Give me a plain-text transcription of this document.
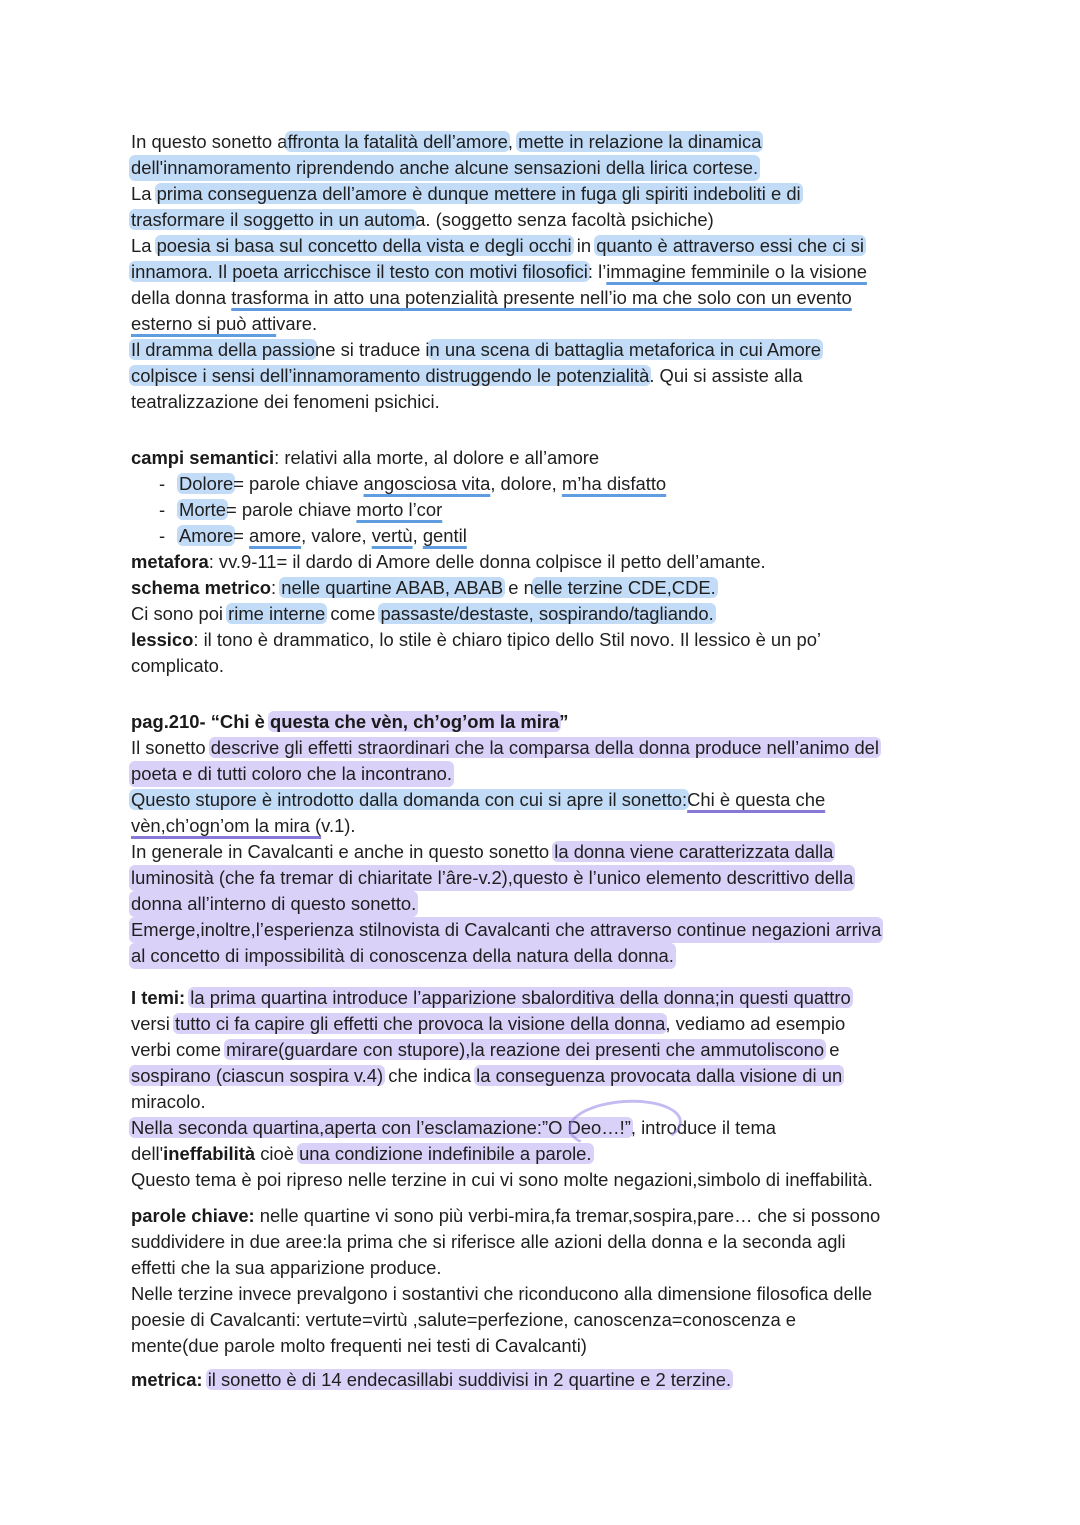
In questo sonetto affronta la fatalità dell’amore, mette in relazione la dinamica
dell'innamoramento riprendendo anche alcune sensazioni della lirica cortese.
La prima conseguenza dell’amore è dunque mettere in fuga gli spiriti indeboliti e di
trasformare il soggetto in un automa. (soggetto senza facoltà psichiche)
La poesia si basa sul concetto della vista e degli occhi in quanto è attraverso essi che ci si
innamora. Il poeta arricchisce il testo con motivi filosofici: l’immagine femminile o la visione
della donna trasforma in atto una potenzialità presente nell’io ma che solo con un evento
esterno si può attivare.
Il dramma della passione si traduce in una scena di battaglia metaforica in cui Amore
colpisce i sensi dell’innamoramento distruggendo le potenzialità. Qui si assiste alla
teatralizzazione dei fenomeni psichici.
campi semantici: relativi alla morte, al dolore e all’amore
- Dolore= parole chiave angosciosa vita, dolore, m’ha disfatto
- Morte= parole chiave morto l’cor
- Amore= amore, valore, vertù, gentil
metafora: vv.9-11= il dardo di Amore delle donna colpisce il petto dell’amante.
schema metrico: nelle quartine ABAB, ABAB e nelle terzine CDE,CDE.
Ci sono poi rime interne come passaste/destaste, sospirando/tagliando.
lessico: il tono è drammatico, lo stile è chiaro tipico dello Stil novo. Il lessico è un po’
complicato.
pag.210- “Chi è questa che vèn, ch’og’om la mira”
Il sonetto descrive gli effetti straordinari che la comparsa della donna produce nell’animo del
poeta e di tutti coloro che la incontrano.
Questo stupore è introdotto dalla domanda con cui si apre il sonetto:Chi è questa che
vèn,ch’ogn’om la mira (v.1).
In generale in Cavalcanti e anche in questo sonetto la donna viene caratterizzata dalla
luminosità (che fa tremar di chiaritate l’âre-v.2),questo è l’unico elemento descrittivo della
donna all’interno di questo sonetto.
Emerge,inoltre,l’esperienza stilnovista di Cavalcanti che attraverso continue negazioni arriva
al concetto di impossibilità di conoscenza della natura della donna.
I temi: la prima quartina introduce l’apparizione sbalorditiva della donna;in questi quattro
versi tutto ci fa capire gli effetti che provoca la visione della donna, vediamo ad esempio
verbi come mirare(guardare con stupore),la reazione dei presenti che ammutoliscono e
sospirano (ciascun sospira v.4) che indica la conseguenza provocata dalla visione di un
miracolo.
Nella seconda quartina,aperta con l’esclamazione:”O Deo…!”, introduce il tema
dell'ineffabilità cioè una condizione indefinibile a parole.
Questo tema è poi ripreso nelle terzine in cui vi sono molte negazioni,simbolo di ineffabilità.
parole chiave: nelle quartine vi sono più verbi-mira,fa tremar,sospira,pare… che si possono
suddividere in due aree:la prima che si riferisce alle azioni della donna e la seconda agli
effetti che la sua apparizione produce.
Nelle terzine invece prevalgono i sostantivi che riconducono alla dimensione filosofica delle
poesie di Cavalcanti: vertute=virtù ,salute=perfezione, canoscenza=conoscenza e
mente(due parole molto frequenti nei testi di Cavalcanti)
metrica: il sonetto è di 14 endecasillabi suddivisi in 2 quartine e 2 terzine.
